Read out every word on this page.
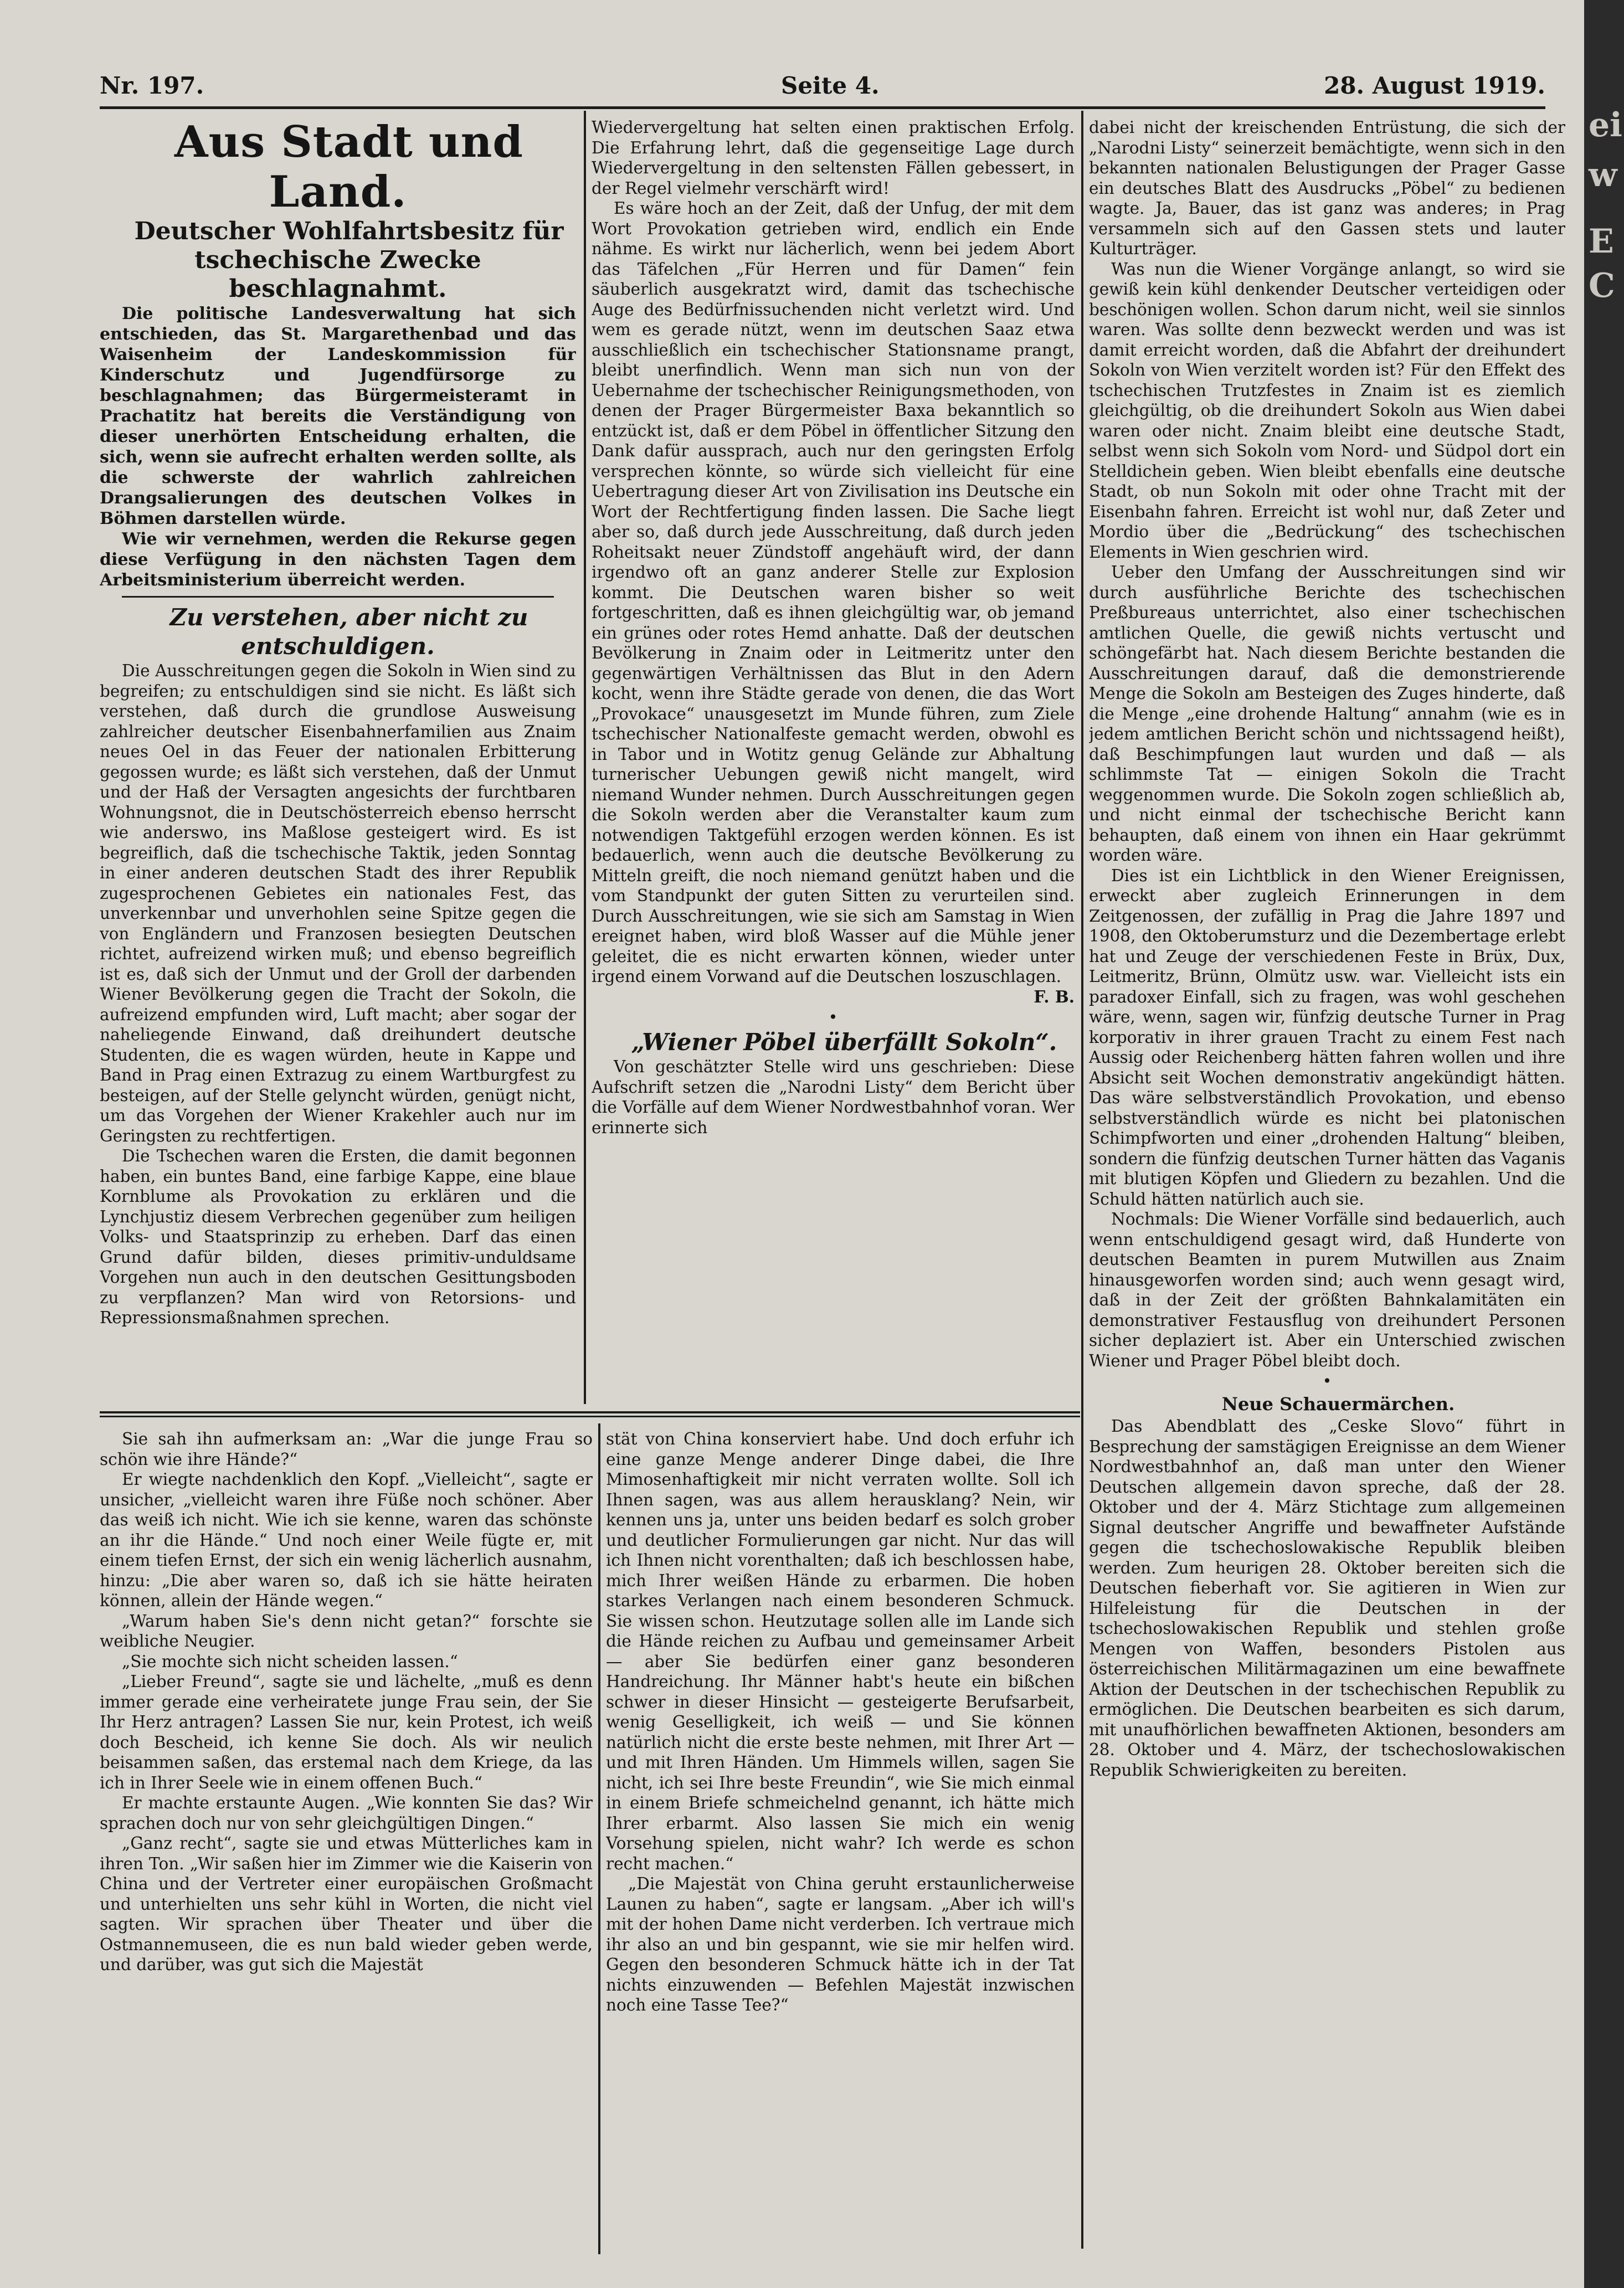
Nr. 197.	Seite 4.	28. August 1919.

Aus Stadt und Land.

Deutscher Wohlfahrtsbesitz für tschechische Zwecke beschlagnahmt.

Die politische Landesverwaltung hat sich entschieden, das St. Margarethenbad und das Waisenheim der Landeskommission für Kinderschutz und Jugendfürsorge zu beschlagnahmen; das Bürgermeisteramt in Prachatitz hat bereits die Verständigung von dieser unerhörten Entscheidung erhalten, die sich, wenn sie aufrecht erhalten werden sollte, als die schwerste der wahrlich zahlreichen Drangsalierungen des deutschen Volkes in Böhmen darstellen würde.

Wie wir vernehmen, werden die Rekurse gegen diese Verfügung in den nächsten Tagen dem Arbeitsministerium überreicht werden.

Zu verstehen, aber nicht zu entschuldigen.

Die Ausschreitungen gegen die Sokoln in Wien sind zu begreifen; zu entschuldigen sind sie nicht. Es läßt sich verstehen, daß durch die grundlose Ausweisung zahlreicher deutscher Eisenbahnerfamilien aus Znaim neues Oel in das Feuer der nationalen Erbitterung gegossen wurde; es läßt sich verstehen, daß der Unmut und der Haß der Versagten angesichts der furchtbaren Wohnungsnot, die in Deutschösterreich ebenso herrscht wie anderswo, ins Maßlose gesteigert wird. Es ist begreiflich, daß die tschechische Taktik, jeden Sonntag in einer anderen deutschen Stadt des ihrer Republik zugesprochenen Gebietes ein nationales Fest, das unverkennbar und unverhohlen seine Spitze gegen die von Engländern und Franzosen besiegten Deutschen richtet, aufreizend wirken muß; und ebenso begreiflich ist es, daß sich der Unmut und der Groll der darbenden Wiener Bevölkerung gegen die Tracht der Sokoln, die aufreizend empfunden wird, Luft macht; aber sogar der naheliegende Einwand, daß dreihundert deutsche Studenten, die es wagen würden, heute in Kappe und Band in Prag einen Extrazug zu einem Wartburgfest zu besteigen, auf der Stelle gelyncht würden, genügt nicht, um das Vorgehen der Wiener Krakehler auch nur im Geringsten zu rechtfertigen.

Die Tschechen waren die Ersten, die damit begonnen haben, ein buntes Band, eine farbige Kappe, eine blaue Kornblume als Provokation zu erklären und die Lynchjustiz diesem Verbrechen gegenüber zum heiligen Volks- und Staatsprinzip zu erheben. Darf das einen Grund dafür bilden, dieses primitiv-unduldsame Vorgehen nun auch in den deutschen Gesittungsboden zu verpflanzen? Man wird von Retorsions- und Repressionsmaßnahmen sprechen.

Wiedervergeltung hat selten einen praktischen Erfolg. Die Erfahrung lehrt, daß die gegenseitige Lage durch Wiedervergeltung in den seltensten Fällen gebessert, in der Regel vielmehr verschärft wird!

Es wäre hoch an der Zeit, daß der Unfug, der mit dem Wort Provokation getrieben wird, endlich ein Ende nähme. Es wirkt nur lächerlich, wenn bei jedem Abort das Täfelchen „Für Herren und für Damen“ fein säuberlich ausgekratzt wird, damit das tschechische Auge des Bedürfnissuchenden nicht verletzt wird. Und wem es gerade nützt, wenn im deutschen Saaz etwa ausschließlich ein tschechischer Stationsname prangt, bleibt unerfindlich. Wenn man sich nun von der Uebernahme der tschechischer Reinigungsmethoden, von denen der Prager Bürgermeister Baxa bekanntlich so entzückt ist, daß er dem Pöbel in öffentlicher Sitzung den Dank dafür aussprach, auch nur den geringsten Erfolg versprechen könnte, so würde sich vielleicht für eine Uebertragung dieser Art von Zivilisation ins Deutsche ein Wort der Rechtfertigung finden lassen. Die Sache liegt aber so, daß durch jede Ausschreitung, daß durch jeden Roheitsakt neuer Zündstoff angehäuft wird, der dann irgendwo oft an ganz anderer Stelle zur Explosion kommt. Die Deutschen waren bisher so weit fortgeschritten, daß es ihnen gleichgültig war, ob jemand ein grünes oder rotes Hemd anhatte. Daß der deutschen Bevölkerung in Znaim oder in Leitmeritz unter den gegenwärtigen Verhältnissen das Blut in den Adern kocht, wenn ihre Städte gerade von denen, die das Wort „Provokace“ unausgesetzt im Munde führen, zum Ziele tschechischer Nationalfeste gemacht werden, obwohl es in Tabor und in Wotitz genug Gelände zur Abhaltung turnerischer Uebungen gewiß nicht mangelt, wird niemand Wunder nehmen. Durch Ausschreitungen gegen die Sokoln werden aber die Veranstalter kaum zum notwendigen Taktgefühl erzogen werden können. Es ist bedauerlich, wenn auch die deutsche Bevölkerung zu Mitteln greift, die noch niemand genützt haben und die vom Standpunkt der guten Sitten zu verurteilen sind. Durch Ausschreitungen, wie sie sich am Samstag in Wien ereignet haben, wird bloß Wasser auf die Mühle jener geleitet, die es nicht erwarten können, wieder unter irgend einem Vorwand auf die Deutschen loszuschlagen.

F. B.

•

„Wiener Pöbel überfällt Sokoln“.

Von geschätzter Stelle wird uns geschrieben: Diese Aufschrift setzen die „Narodni Listy“ dem Bericht über die Vorfälle auf dem Wiener Nordwestbahnhof voran. Wer erinnerte sich

dabei nicht der kreischenden Entrüstung, die sich der „Narodni Listy“ seinerzeit bemächtigte, wenn sich in den bekannten nationalen Belustigungen der Prager Gasse ein deutsches Blatt des Ausdrucks „Pöbel“ zu bedienen wagte. Ja, Bauer, das ist ganz was anderes; in Prag versammeln sich auf den Gassen stets und lauter Kulturträger.

Was nun die Wiener Vorgänge anlangt, so wird sie gewiß kein kühl denkender Deutscher verteidigen oder beschönigen wollen. Schon darum nicht, weil sie sinnlos waren. Was sollte denn bezweckt werden und was ist damit erreicht worden, daß die Abfahrt der dreihundert Sokoln von Wien verzitelt worden ist? Für den Effekt des tschechischen Trutzfestes in Znaim ist es ziemlich gleichgültig, ob die dreihundert Sokoln aus Wien dabei waren oder nicht. Znaim bleibt eine deutsche Stadt, selbst wenn sich Sokoln vom Nord- und Südpol dort ein Stelldichein geben. Wien bleibt ebenfalls eine deutsche Stadt, ob nun Sokoln mit oder ohne Tracht mit der Eisenbahn fahren. Erreicht ist wohl nur, daß Zeter und Mordio über die „Bedrückung“ des tschechischen Elements in Wien geschrien wird.

Ueber den Umfang der Ausschreitungen sind wir durch ausführliche Berichte des tschechischen Preßbureaus unterrichtet, also einer tschechischen amtlichen Quelle, die gewiß nichts vertuscht und schöngefärbt hat. Nach diesem Berichte bestanden die Ausschreitungen darauf, daß die demonstrierende Menge die Sokoln am Besteigen des Zuges hinderte, daß die Menge „eine drohende Haltung“ annahm (wie es in jedem amtlichen Bericht schön und nichtssagend heißt), daß Beschimpfungen laut wurden und daß — als schlimmste Tat — einigen Sokoln die Tracht weggenommen wurde. Die Sokoln zogen schließlich ab, und nicht einmal der tschechische Bericht kann behaupten, daß einem von ihnen ein Haar gekrümmt worden wäre.

Dies ist ein Lichtblick in den Wiener Ereignissen, erweckt aber zugleich Erinnerungen in dem Zeitgenossen, der zufällig in Prag die Jahre 1897 und 1908, den Oktoberumsturz und die Dezembertage erlebt hat und Zeuge der verschiedenen Feste in Brüx, Dux, Leitmeritz, Brünn, Olmütz usw. war. Vielleicht ists ein paradoxer Einfall, sich zu fragen, was wohl geschehen wäre, wenn, sagen wir, fünfzig deutsche Turner in Prag korporativ in ihrer grauen Tracht zu einem Fest nach Aussig oder Reichenberg hätten fahren wollen und ihre Absicht seit Wochen demonstrativ angekündigt hätten. Das wäre selbstverständlich Provokation, und ebenso selbstverständlich würde es nicht bei platonischen Schimpfworten und einer „drohenden Haltung“ bleiben, sondern die fünfzig deutschen Turner hätten das Vaganis mit blutigen Köpfen und Gliedern zu bezahlen. Und die Schuld hätten natürlich auch sie.

Nochmals: Die Wiener Vorfälle sind bedauerlich, auch wenn entschuldigend gesagt wird, daß Hunderte von deutschen Beamten in purem Mutwillen aus Znaim hinausgeworfen worden sind; auch wenn gesagt wird, daß in der Zeit der größten Bahnkalamitäten ein demonstrativer Festausflug von dreihundert Personen sicher deplaziert ist. Aber ein Unterschied zwischen Wiener und Prager Pöbel bleibt doch.

•

Neue Schauermärchen.

Das Abendblatt des „Ceske Slovo“ führt in Besprechung der samstägigen Ereignisse an dem Wiener Nordwestbahnhof an, daß man unter den Wiener Deutschen allgemein davon spreche, daß der 28. Oktober und der 4. März Stichtage zum allgemeinen Signal deutscher Angriffe und bewaffneter Aufstände gegen die tschechoslowakische Republik bleiben werden. Zum heurigen 28. Oktober bereiten sich die Deutschen fieberhaft vor. Sie agitieren in Wien zur Hilfeleistung für die Deutschen in der tschechoslowakischen Republik und stehlen große Mengen von Waffen, besonders Pistolen aus österreichischen Militärmagazinen um eine bewaffnete Aktion der Deutschen in der tschechischen Republik zu ermöglichen. Die Deutschen bearbeiten es sich darum, mit unaufhörlichen bewaffneten Aktionen, besonders am 28. Oktober und 4. März, der tschechoslowakischen Republik Schwierigkeiten zu bereiten.

Sie sah ihn aufmerksam an: „War die junge Frau so schön wie ihre Hände?“

Er wiegte nachdenklich den Kopf. „Vielleicht“, sagte er unsicher, „vielleicht waren ihre Füße noch schöner. Aber das weiß ich nicht. Wie ich sie kenne, waren das schönste an ihr die Hände.“ Und noch einer Weile fügte er, mit einem tiefen Ernst, der sich ein wenig lächerlich ausnahm, hinzu: „Die aber waren so, daß ich sie hätte heiraten können, allein der Hände wegen.“

„Warum haben Sie's denn nicht getan?“ forschte sie weibliche Neugier.

„Sie mochte sich nicht scheiden lassen.“

„Lieber Freund“, sagte sie und lächelte, „muß es denn immer gerade eine verheiratete junge Frau sein, der Sie Ihr Herz antragen? Lassen Sie nur, kein Protest, ich weiß doch Bescheid, ich kenne Sie doch. Als wir neulich beisammen saßen, das erstemal nach dem Kriege, da las ich in Ihrer Seele wie in einem offenen Buch.“

Er machte erstaunte Augen. „Wie konnten Sie das? Wir sprachen doch nur von sehr gleichgültigen Dingen.“

„Ganz recht“, sagte sie und etwas Mütterliches kam in ihren Ton. „Wir saßen hier im Zimmer wie die Kaiserin von China und der Vertreter einer europäischen Großmacht und unterhielten uns sehr kühl in Worten, die nicht viel sagten. Wir sprachen über Theater und über die Ostmannemuseen, die es nun bald wieder geben werde, und darüber, was gut sich die Majestät

stät von China konserviert habe. Und doch erfuhr ich eine ganze Menge anderer Dinge dabei, die Ihre Mimosenhaftigkeit mir nicht verraten wollte. Soll ich Ihnen sagen, was aus allem herausklang? Nein, wir kennen uns ja, unter uns beiden bedarf es solch grober und deutlicher Formulierungen gar nicht. Nur das will ich Ihnen nicht vorenthalten; daß ich beschlossen habe, mich Ihrer weißen Hände zu erbarmen. Die hoben starkes Verlangen nach einem besonderen Schmuck. Sie wissen schon. Heutzutage sollen alle im Lande sich die Hände reichen zu Aufbau und gemeinsamer Arbeit — aber Sie bedürfen einer ganz besonderen Handreichung. Ihr Männer habt's heute ein bißchen schwer in dieser Hinsicht — gesteigerte Berufsarbeit, wenig Geselligkeit, ich weiß — und Sie können natürlich nicht die erste beste nehmen, mit Ihrer Art — und mit Ihren Händen. Um Himmels willen, sagen Sie nicht, ich sei Ihre beste Freundin“, wie Sie mich einmal in einem Briefe schmeichelnd genannt, ich hätte mich Ihrer erbarmt. Also lassen Sie mich ein wenig Vorsehung spielen, nicht wahr? Ich werde es schon recht machen.“

„Die Majestät von China geruht erstaunlicherweise Launen zu haben“, sagte er langsam. „Aber ich will's mit der hohen Dame nicht verderben. Ich vertraue mich ihr also an und bin gespannt, wie sie mir helfen wird. Gegen den besonderen Schmuck hätte ich in der Tat nichts einzuwenden — Befehlen Majestät inzwischen noch eine Tasse Tee?“

ei
w
E
C
